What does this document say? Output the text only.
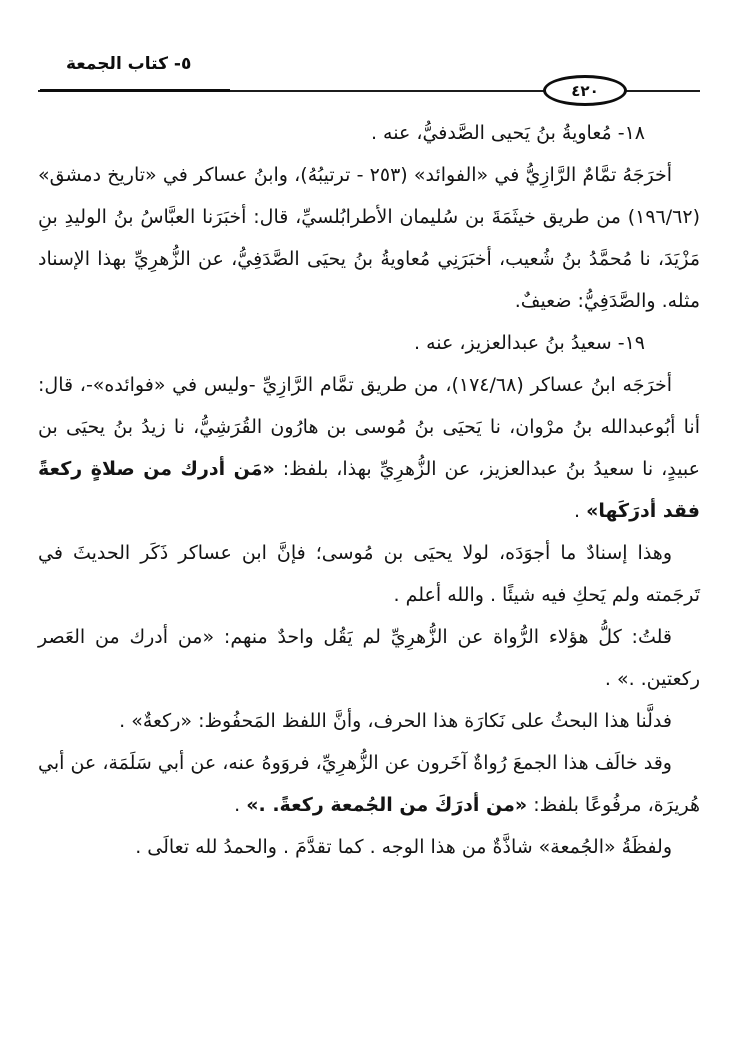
٥- كتاب الجمعة
٤٢٠

١٨- مُعاويةُ بنُ يَحيى الصَّدفيُّ، عنه .

أخرَجَهُ تمَّامٌ الرَّازِيُّ في «الفوائد» (٢٥٣ - ترتيبُهُ)، وابنُ عساكر في «تاريخ دمشق» (١٩٦/٦٢) من طريق خيثَمَةَ بن سُليمان الأطرابُلسيِّ، قال: أخبَرَنا العبَّاسُ بنُ الوليدِ بنِ مَزْيَدَ، نا مُحمَّدُ بنُ شُعيب، أخبَرَنِي مُعاويةُ بنُ يحيَى الصَّدَفِيُّ، عن الزُّهرِيِّ بهذا الإسناد مثله. والصَّدَفِيُّ: ضعيفٌ.

١٩- سعيدُ بنُ عبدالعزيز، عنه .

أخرَجَه ابنُ عساكر (١٧٤/٦٨)، من طريق تمَّام الرَّازِيِّ -وليس في «فوائده»-، قال: أنا أبُوعبدالله بنُ مرْوان، نا يَحيَى بنُ مُوسى بن هارُون القُرَشِيُّ، نا زيدُ بنُ يحيَى بن عبيدٍ، نا سعيدُ بنُ عبدالعزيز، عن الزُّهرِيِّ بهذا، بلفظ: «مَن أدرك من صلاةٍ ركعةً فقد أدرَكَها» .

وهذا إسنادٌ ما أجوَدَه، لولا يحيَى بن مُوسى؛ فإنَّ ابن عساكر ذَكَر الحديثَ في تَرجَمته ولم يَحكِ فيه شيئًا . والله أعلم .

قلتُ: كلُّ هؤلاء الرُّواة عن الزُّهرِيِّ لم يَقُل واحدٌ منهم: «من أدرك من العَصر ركعتين. .» .

فدلَّنا هذا البحثُ على نَكارَة هذا الحرف، وأنَّ اللفظ المَحفُوظ: «ركعةٌ» .

وقد خالَف هذا الجمعَ رُواةٌ آخَرون عن الزُّهرِيِّ، فروَوهُ عنه، عن أبي سَلَمَة، عن أبي هُريرَة، مرفُوعًا بلفظ: «من أدرَكَ من الجُمعة ركعةً. .» .

ولفظَةُ «الجُمعة» شاذَّةٌ من هذا الوجه . كما تقدَّمَ . والحمدُ لله تعالَى .
